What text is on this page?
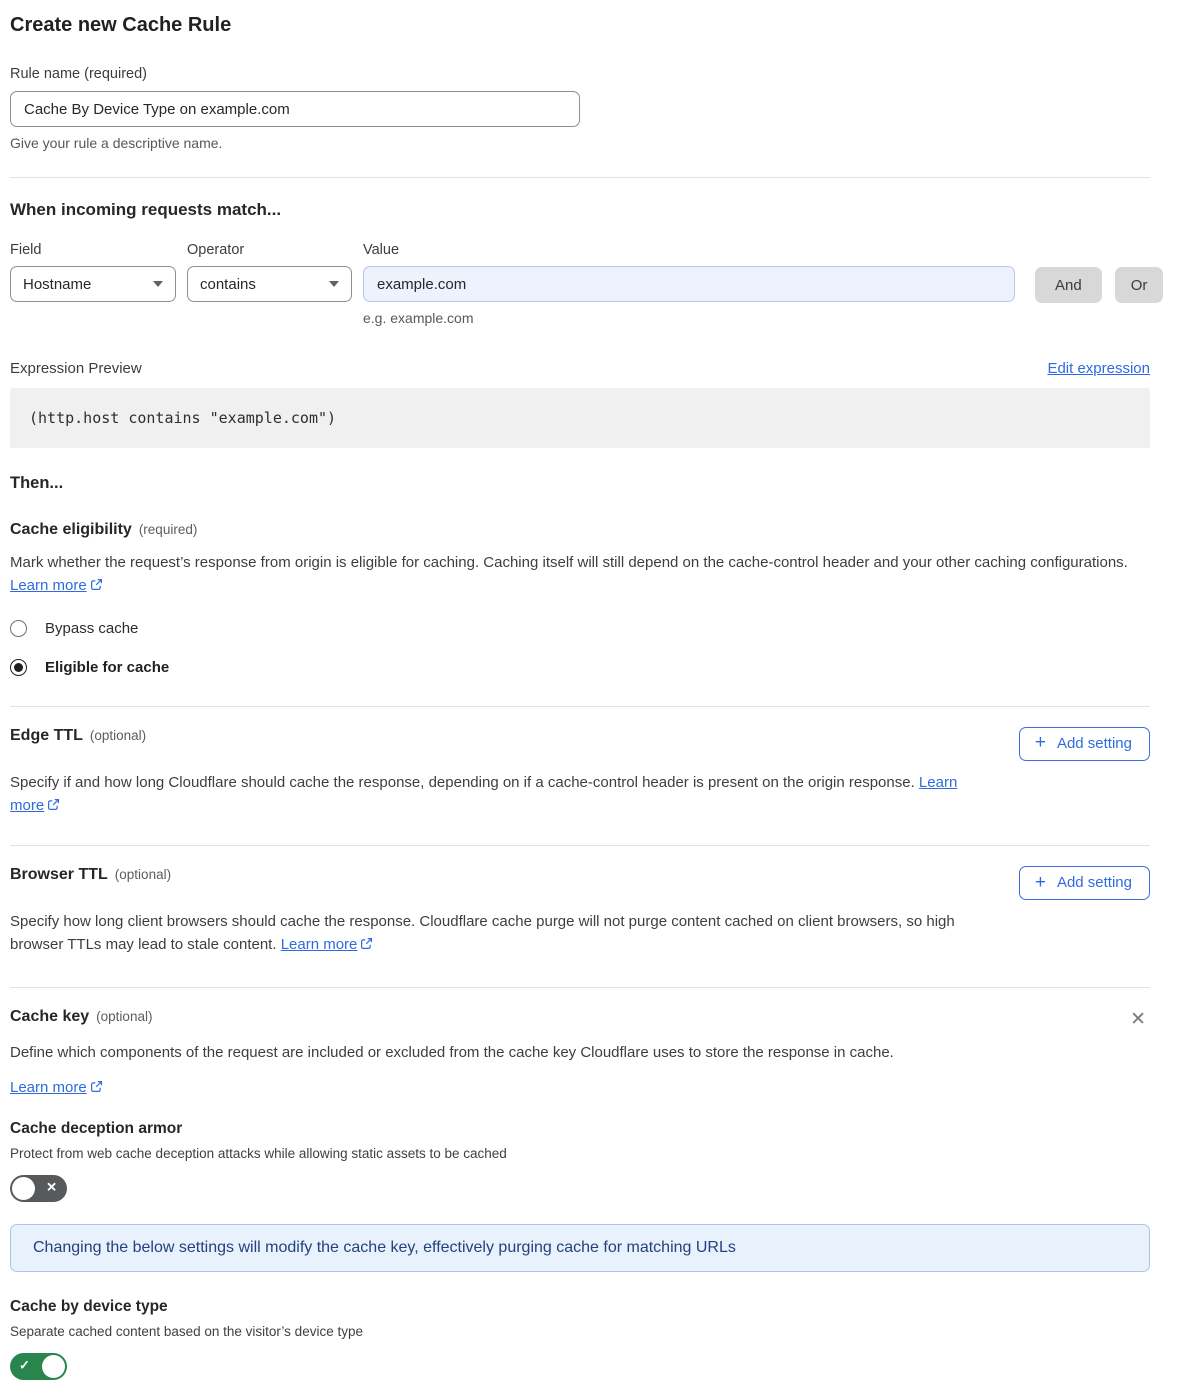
Create new Cache Rule
Rule name (required)
Cache By Device Type on example.com
Give your rule a descriptive name.
When incoming requests match...
Field
Hostname
Operator
contains
Value
example.com
e.g. example.com
And	Or
Expression Preview	Edit expression
(http.host contains "example.com")
Then...
Cache eligibility (required)

Mark whether the request’s response from origin is eligible for caching. Caching itself will still depend on the cache-control header and your other caching configurations. Learn more

Bypass cache
Eligible for cache
Edge TTL (optional)	+ Add setting

Specify if and how long Cloudflare should cache the response, depending on if a cache-control header is present on the origin response. Learn more

Browser TTL (optional)	+ Add setting

Specify how long client browsers should cache the response. Cloudflare cache purge will not purge content cached on client browsers, so high browser TTLs may lead to stale content. Learn more

Cache key (optional)	✕

Define which components of the request are included or excluded from the cache key Cloudflare uses to store the response in cache.

Learn more
Cache deception armor
Protect from web cache deception attacks while allowing static assets to be cached
✕
Changing the below settings will modify the cache key, effectively purging cache for matching URLs
Cache by device type
Separate cached content based on the visitor’s device type
✓
